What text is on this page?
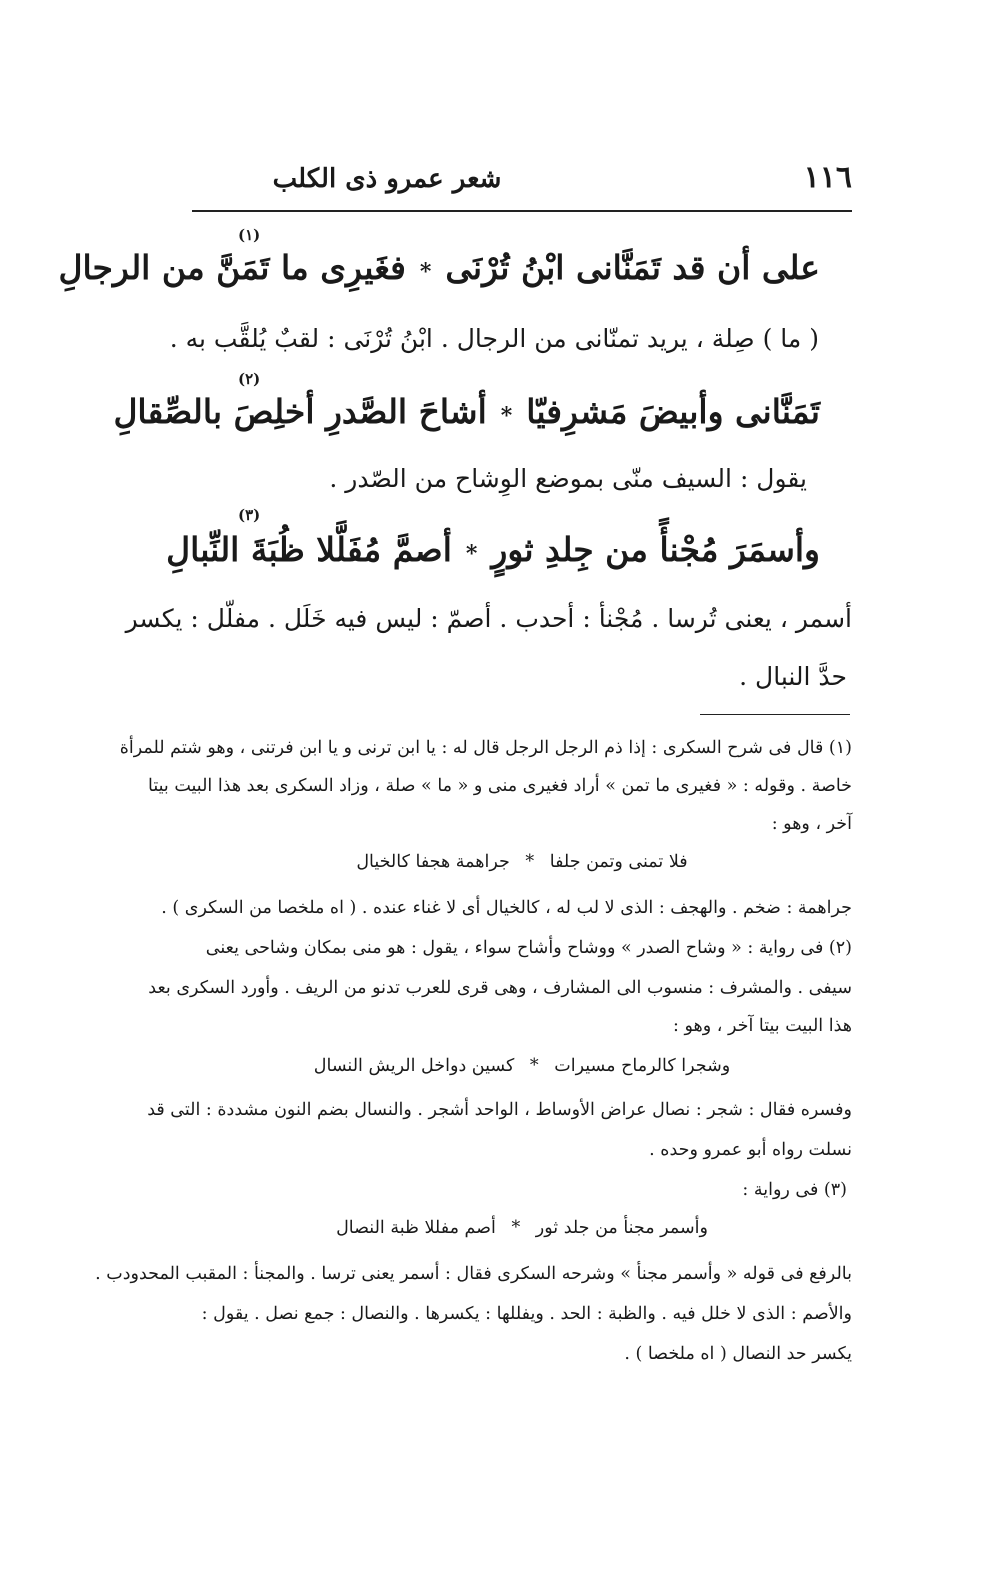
شعر عمرو ذى الكلب	١١٦
(١)
على أن قد تَمَنَّانى ابْنُ تُرْنَى
*
فغَيرِى ما تَمَنَّ من الرجالِ
( ما ) صِلة ، يريد تمنّانى من الرجال . ابْنُ تُرْنَى : لقبٌ يُلقَّب به .
(٢)
تَمَنَّانى وأبيضَ مَشرِفيّا
*
أشاحَ الصَّدرِ أخلِصَ بالصِّقالِ
يقول : السيف منّى بموضع الوِشاح من الصّدر .
(٣)
وأسمَرَ مُجْنأً من جِلدِ ثورٍ
*
أصمَّ مُفَلَّلا ظُبَةَ النِّبالِ
أسمر ، يعنى تُرسا . مُجْنأ : أحدب . أصمّ : ليس فيه خَلَل . مفلّل : يكسر
حدَّ النبال .
(١) قال فى شرح السكرى : إذا ذم الرجل الرجل قال له : يا ابن ترنى و يا ابن فرتنى ، وهو شتم للمرأة
خاصة . وقوله : « فغيرى ما تمن » أراد فغيرى منى و « ما » صلة ، وزاد السكرى بعد هذا البيت بيتا
آخر ، وهو :
فلا تمنى وتمن جلفا * جراهمة هجفا كالخيال
جراهمة : ضخم . والهجف : الذى لا لب له ، كالخيال أى لا غناء عنده . ( اه ملخصا من السكرى ) .
(٢) فى رواية : « وشاح الصدر » ووشاح وأشاح سواء ، يقول : هو منى بمكان وشاحى يعنى
سيفى . والمشرف : منسوب الى المشارف ، وهى قرى للعرب تدنو من الريف . وأورد السكرى بعد
هذا البيت بيتا آخر ، وهو :
وشجرا كالرماح مسيرات * كسين دواخل الريش النسال
وفسره فقال : شجر : نصال عراض الأوساط ، الواحد أشجر . والنسال بضم النون مشددة : التى قد
نسلت رواه أبو عمرو وحده .
(٣) فى رواية :
وأسمر مجنأ من جلد ثور * أصم مفللا ظبة النصال
بالرفع فى قوله « وأسمر مجنأ » وشرحه السكرى فقال : أسمر يعنى ترسا . والمجنأ : المقبب المحدودب .
والأصم : الذى لا خلل فيه . والظبة : الحد . ويفللها : يكسرها . والنصال : جمع نصل . يقول :
يكسر حد النصال ( اه ملخصا ) .
